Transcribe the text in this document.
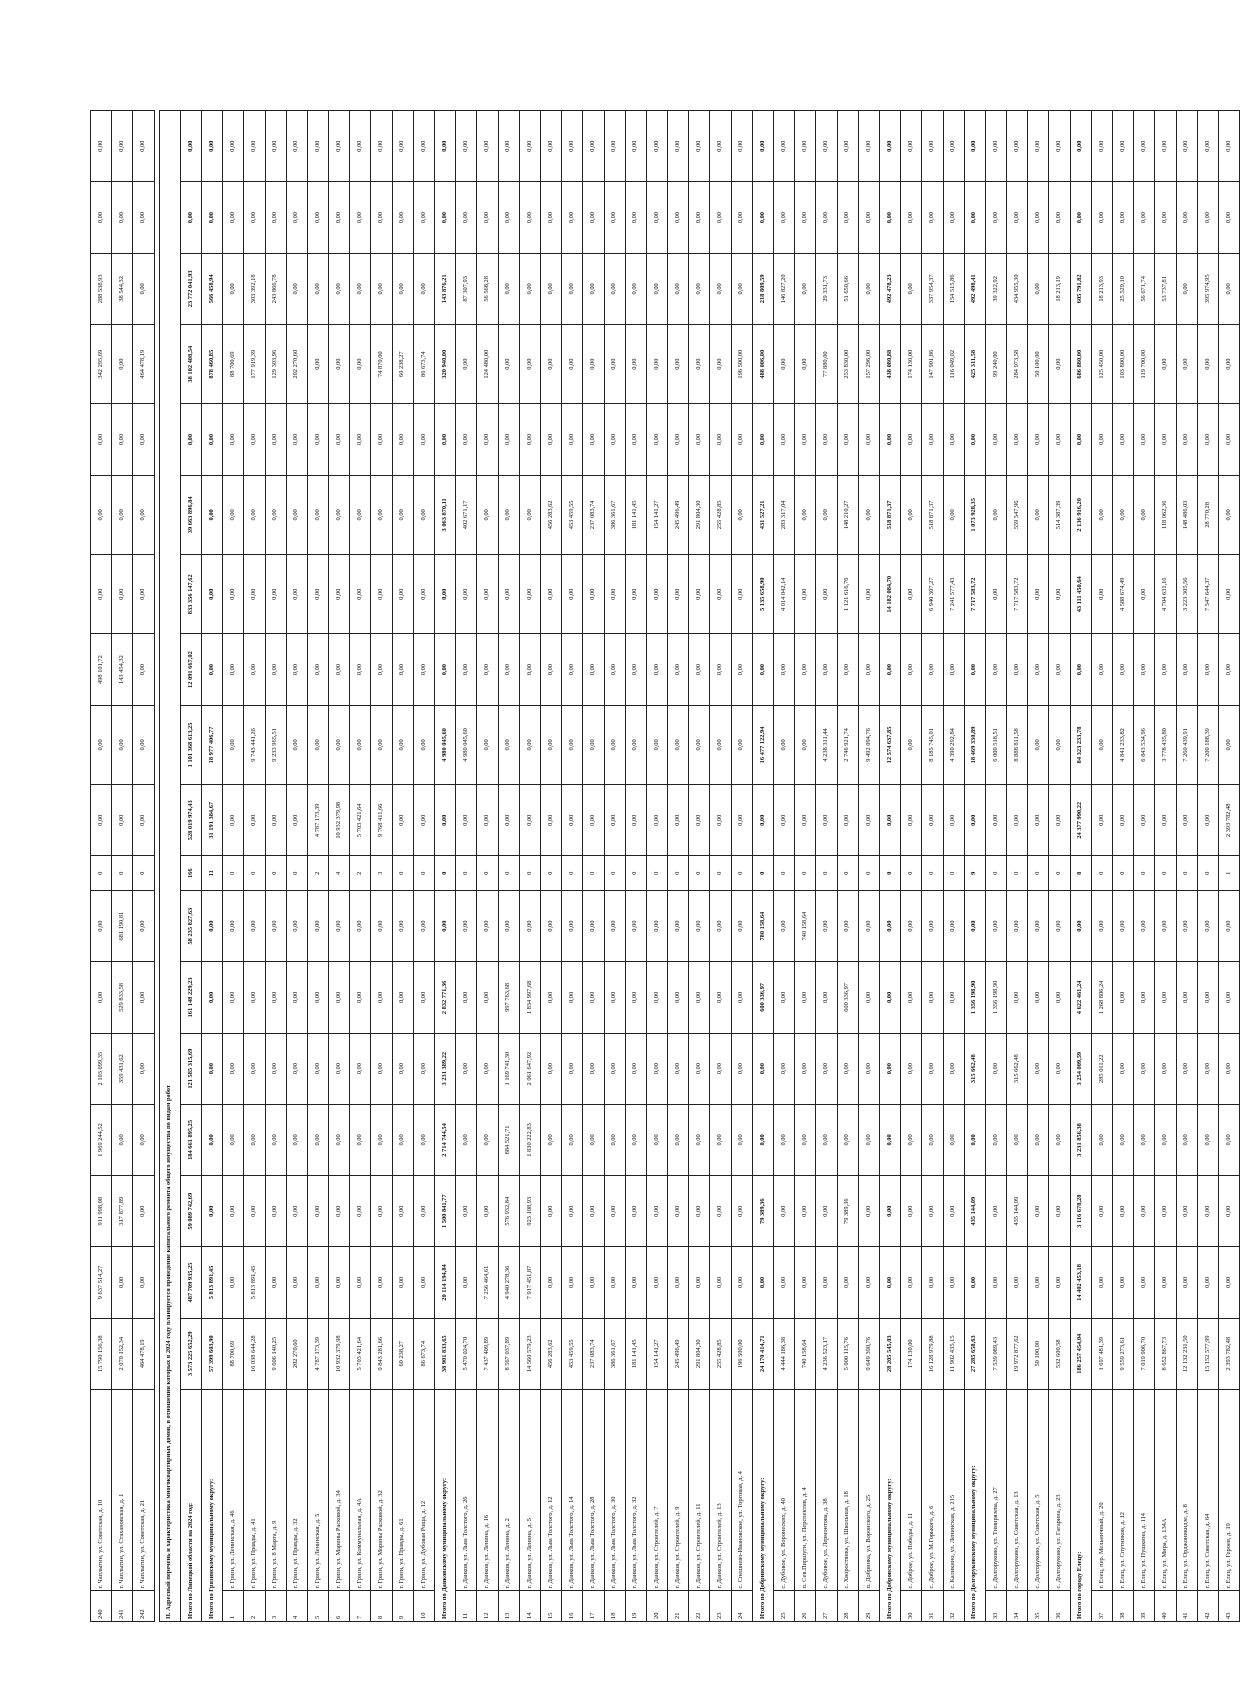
240	г. Чаплыгин, ул. Советская, д. 10	15 790 156,38	9 637 514,27	911 998,08	1 969 244,52	2 103 099,35	0,00	0,00	0	0,00	0,00	498 101,72	0,00	0,00	0,00	342 295,69	288 538,93	0,00	0,00
241	г. Чаплыгин, ул. Стахановская, д. 1	2 070 152,34	0,00	317 877,89	0,00	359 431,62	529 833,58	681 190,81	0	0,00	0,00	143 454,32	0,00	0,00	0,00	0,00	38 544,32	0,00	0,00
242	г. Чаплыгин, ул. Советская, д. 21	464 478,19	0,00	0,00	0,00	0,00	0,00	0,00	0	0,00	0,00	0,00	0,00	0,00	0,00	464 478,19	0,00	0,00	0,00

II. Адресный перечень и характеристика многоквартирных домов, в отношении которых в 2024 году планируется проведение капитального ремонта общего имущества по видам работ																			
Итого по Липецкой области на 2024 год:		3 573 225 652,29	487 709 935,25	59 089 742,69	184 661 895,25	121 585 315,69	161 148 229,23	58 235 827,63	166	528 019 974,43	1 101 368 613,25	12 091 667,02	833 356 147,62	39 663 896,84	0,00	38 102 408,54	23 772 041,93	0,00	0,00
Итого по Грязинскому муниципальному округу:		57 399 603,90	5 813 891,45	0,00	0,00	0,00	0,00	0,00	11	31 191 384,67	18 977 406,77	0,00	0,00	0,00	0,00	878 460,85	566 458,94	0,00	0,00
1	г. Грязи, ул. Ленинская, д. 46	88 700,69	0,00	0,00	0,00	0,00	0,00	0,00	0	0,00	0,00	0,00	0,00	0,00	0,00	88 700,69	0,00	0,00	0,00
2	г. Грязи, ул. Правды, д. 41	16 038 644,28	5 813 891,45	0,00	0,00	0,00	0,00	0,00	0	0,00	9 743 441,26	0,00	0,00	0,00	0,00	177 919,39	303 392,18	0,00	0,00
3	г. Грязи, ул. 8 Марта, д. 9	9 606 140,25	0,00	0,00	0,00	0,00	0,00	0,00	0	0,00	9 233 965,51	0,00	0,00	0,00	0,00	129 303,96	243 866,78	0,00	0,00
4	г. Грязи, ул. Правды, д. 32	202 270,60	0,00	0,00	0,00	0,00	0,00	0,00	0	0,00	0,00	0,00	0,00	0,00	0,00	202 270,60	0,00	0,00	0,00
5	г. Грязи, ул. Ленинская, д. 5	4 787 173,39	0,00	0,00	0,00	0,00	0,00	0,00	2	4 787 173,39	0,00	0,00	0,00	0,00	0,00	0,00	0,00	0,00	0,00
6	г. Грязи, ул. Марины Расковой, д. 34	10 932 379,98	0,00	0,00	0,00	0,00	0,00	0,00	4	10 932 379,98	0,00	0,00	0,00	0,00	0,00	0,00	0,00	0,00	0,00
7	г. Грязи, ул. Коммунальная, д. 4А	5 703 421,64	0,00	0,00	0,00	0,00	0,00	0,00	2	5 703 421,64	0,00	0,00	0,00	0,00	0,00	0,00	0,00	0,00	0,00
8	г. Грязи, ул. Марины Расковой, д. 32	9 843 281,66	0,00	0,00	0,00	0,00	0,00	0,00	3	9 768 411,66	0,00	0,00	0,00	0,00	0,00	74 870,00	0,00	0,00	0,00
9	г. Грязи, ул. Правды, д. 61	60 238,27	0,00	0,00	0,00	0,00	0,00	0,00	0	0,00	0,00	0,00	0,00	0,00	0,00	60 238,27	0,00	0,00	0,00
10	г. Грязи, ул. Дубовая Роща, д. 12	86 673,74	0,00	0,00	0,00	0,00	0,00	0,00	0	0,00	0,00	0,00	0,00	0,00	0,00	86 673,74	0,00	0,00	0,00
Итого по Данковскому муниципальному округу:		38 901 833,65	20 114 194,84	1 500 841,77	2 714 744,54	3 231 389,22	2 832 771,36	0,00	0	0,00	4 980 045,60	0,00	0,00	3 063 870,11	0,00	320 940,00	143 876,21	0,00	0,00
11	г. Данков, ул. Льва Толстого, д. 26	5 470 024,70	0,00	0,00	0,00	0,00	0,00	0,00	0	0,00	4 980 045,60	0,00	0,00	402 671,17	0,00	0,00	87 307,93	0,00	0,00
12	г. Данков, ул. Ленина, д. 16	7 437 409,89	7 256 464,61	0,00	0,00	0,00	0,00	0,00	0	0,00	0,00	0,00	0,00	0,00	0,00	124 480,00	56 568,28	0,00	0,00
13	г. Данков, ул. Ленина, д. 2	8 567 037,89	4 940 278,36	576 932,84	884 521,71	1 169 741,30	997 763,68	0,00	0	0,00	0,00	0,00	0,00	0,00	0,00	0,00	0,00	0,00	0,00
14	г. Данков, ул. Ленина, д. 5	14 560 579,23	7 917 451,87	923 108,93	1 830 222,83	2 061 647,92	1 834 997,68	0,00	0	0,00	0,00	0,00	0,00	0,00	0,00	0,00	0,00	0,00	0,00
15	г. Данков, ул. Льва Толстого, д. 12	456 283,62	0,00	0,00	0,00	0,00	0,00	0,00	0	0,00	0,00	0,00	0,00	456 283,62	0,00	0,00	0,00	0,00	0,00
16	г. Данков, ул. Льва Толстого, д. 14	453 459,55	0,00	0,00	0,00	0,00	0,00	0,00	0	0,00	0,00	0,00	0,00	453 459,55	0,00	0,00	0,00	0,00	0,00
17	г. Данков, ул. Льва Толстого, д. 28	237 083,74	0,00	0,00	0,00	0,00	0,00	0,00	0	0,00	0,00	0,00	0,00	237 083,74	0,00	0,00	0,00	0,00	0,00
18	г. Данков, ул. Льва Толстого, д. 30	386 361,67	0,00	0,00	0,00	0,00	0,00	0,00	0	0,00	0,00	0,00	0,00	386 361,67	0,00	0,00	0,00	0,00	0,00
19	г. Данков, ул. Льва Толстого, д. 32	181 141,45	0,00	0,00	0,00	0,00	0,00	0,00	0	0,00	0,00	0,00	0,00	181 141,45	0,00	0,00	0,00	0,00	0,00
20	г. Данков, ул. Строителей, д. 7	154 141,27	0,00	0,00	0,00	0,00	0,00	0,00	0	0,00	0,00	0,00	0,00	154 141,27	0,00	0,00	0,00	0,00	0,00
21	г. Данков, ул. Строителей, д. 9	245 496,49	0,00	0,00	0,00	0,00	0,00	0,00	0	0,00	0,00	0,00	0,00	245 496,49	0,00	0,00	0,00	0,00	0,00
22	г. Данков, ул. Строителей, д. 11	291 804,30	0,00	0,00	0,00	0,00	0,00	0,00	0	0,00	0,00	0,00	0,00	291 804,30	0,00	0,00	0,00	0,00	0,00
23	г. Данков, ул. Строителей, д. 13	255 428,85	0,00	0,00	0,00	0,00	0,00	0,00	0	0,00	0,00	0,00	0,00	255 428,85	0,00	0,00	0,00	0,00	0,00
24	с. Спешнево-Ивановское, ул. Торговая, д. 4	196 500,00	0,00	0,00	0,00	0,00	0,00	0,00	0	0,00	0,00	0,00	0,00	0,00	0,00	196 500,00	0,00	0,00	0,00
Итого по Добринскому муниципальному округу:		24 170 414,71	0,00	79 389,36	0,00	0,00	600 336,97	780 158,64	0	0,00	16 477 122,94	0,00	5 135 658,90	431 527,21	0,00	488 006,00	218 809,59	0,00	0,00
25	с. Дубовое, ул. Воронеских, д. 40	4 444 186,38	0,00	0,00	0,00	0,00	0,00	0,00	0	0,00	0,00	0,00	4 014 042,14	283 317,04	0,00	0,00	146 827,20	0,00	0,00
26	п. Сев.Пиршуги, ул. Перспектив, д. 4	740 158,64	0,00	0,00	0,00	0,00	0,00	740 158,64	0	0,00	0,00	0,00	0,00	0,00	0,00	0,00	0,00	0,00	0,00
27	с. Дубовое, ул. Лермонтова, д. 38	4 236 523,17	0,00	0,00	0,00	0,00	0,00	0,00	0	0,00	4 238 311,44	0,00	0,00	0,00	0,00	77 880,00	29 331,73	0,00	0,00
28	с. Хворостянка, ул. Школьная, д. 18	5 000 115,76	0,00	79 389,36	0,00	0,00	600 336,97	0,00	0	0,00	2 746 921,74	0,00	1 121 616,76	148 210,27	0,00	253 830,00	51 650,66	0,00	0,00
29	п. Добринка, ул. Воронского, д. 25	9 649 390,76	0,00	0,00	0,00	0,00	0,00	0,00	0	0,00	9 492 094,76	0,00	0,00	0,00	0,00	157 296,00	0,00	0,00	0,00
Итого по Добровскому муниципальному округу:		28 205 545,03	0,00	0,00	0,00	0,00	0,00	0,00	0	0,00	12 574 637,85	0,00	14 182 084,70	518 871,37	0,00	438 080,88	492 478,23	0,00	0,00
30	с. Доброе, ул. Победы, д. 11	174 130,00	0,00	0,00	0,00	0,00	0,00	0,00	0	0,00	0,00	0,00	0,00	0,00	0,00	174 130,00	0,00	0,00	0,00
31	с. Доброе, ул. М.Горького, д. 6	16 128 979,88	0,00	0,00	0,00	0,00	0,00	0,00	0	0,00	8 185 745,01	0,00	6 940 307,27	518 871,37	0,00	147 901,86	337 954,37	0,00	0,00
32	с. Каликино, ул. Ленинская, д. 215	11 902 435,15	0,00	0,00	0,00	0,00	0,00	0,00	0	0,00	4 390 292,84	0,00	7 241 577,43	0,00	0,00	116 049,02	154 515,86	0,00	0,00
Итого по Долгоруковскому муниципальному округу:		27 285 658,63	0,00	435 144,09	0,00	315 662,48	1 356 198,90	0,00	9	0,00	18 469 330,89	0,00	7 717 583,72	1 073 928,35	0,00	425 311,58	492 498,41	0,00	0,00
33	с. Долгоруково, ул. Тимирязева, д. 27	7 539 089,43	0,00	0,00	0,00	0,00	1 356 198,90	0,00	0	0,00	6 000 518,51	0,00	0,00	0,00	0,00	99 240,00	39 322,92	0,00	0,00
34	с. Долгоруково, ул. Советская, д. 13	19 972 877,62	0,00	435 144,09	0,00	315 662,48	0,00	0,00	0	0,00	8 888 811,58	0,00	7 717 583,72	559 547,96	0,00	284 973,58	434 955,30	0,00	0,00
35	с. Долгоруково, ул. Советская, д. 5	50 100,00	0,00	0,00	0,00	0,00	0,00	0,00	0	0,00	0,00	0,00	0,00	0,00	0,00	50 100,00	0,00	0,00	0,00
36	с. Долгоруково, ул. Гагарина, д. 23	532 600,58	0,00	0,00	0,00	0,00	0,00	0,00	0	0,00	0,00	0,00	0,00	514 387,39	0,00	0,00	18 213,19	0,00	0,00
Итого по городу Елецу:		186 257 454,04	14 402 453,18	3 116 678,28	3 231 856,38	3 254 009,59	4 622 461,24	0,00	8	24 377 990,22	84 323 233,78	0,00	43 111 450,64	2 136 916,20	0,00	686 880,00	605 791,82	0,00	0,00
37	г. Елец, пер. Мельничный, д. 20	1 697 481,39	0,00	0,00	0,00	285 011,22	1 268 806,24	0,00	0	0,00	0,00	0,00	0,00	0,00	0,00	125 450,00	18 213,93	0,00	0,00
38	г. Елец, ул. Спутников, д. 12	9 559 273,61	0,00	0,00	0,00	0,00	0,00	0,00	0	0,00	4 841 233,82	0,00	4 588 674,49	0,00	0,00	103 800,00	25 529,10	0,00	0,00
39	г. Елец, ул. Пушкина, д. 114	7 019 906,70	0,00	0,00	0,00	0,00	0,00	0,00	0	0,00	6 843 534,96	0,00	0,00	0,00	0,00	119 700,00	56 671,74	0,00	0,00
40	г. Елец, ул. Мира, д. 134А	8 652 867,73	0,00	0,00	0,00	0,00	0,00	0,00	0	0,00	3 778 435,80	0,00	4 704 631,16	118 062,36	0,00	0,00	53 737,81	0,00	0,00
41	г. Елец, ул. Орджоникидзе, д. 8	12 132 231,50	0,00	0,00	0,00	0,00	0,00	0,00	0	0,00	7 260 439,91	0,00	3 223 305,56	148 486,03	0,00	0,00	0,00	0,00	0,00
42	г. Елец, ул. Советская, д. 64	15 152 577,99	0,00	0,00	0,00	0,00	0,00	0,00	0	0,00	7 200 188,39	0,00	7 547 644,37	28 770,28	0,00	0,00	395 974,95	0,00	0,00
43	г. Елец, ул. Героев, д. 19	2 393 782,48	0,00	0,00	0,00	0,00	0,00	0,00	1	2 393 782,48	0,00	0,00	0,00	0,00	0,00	0,00	0,00	0,00	0,00
